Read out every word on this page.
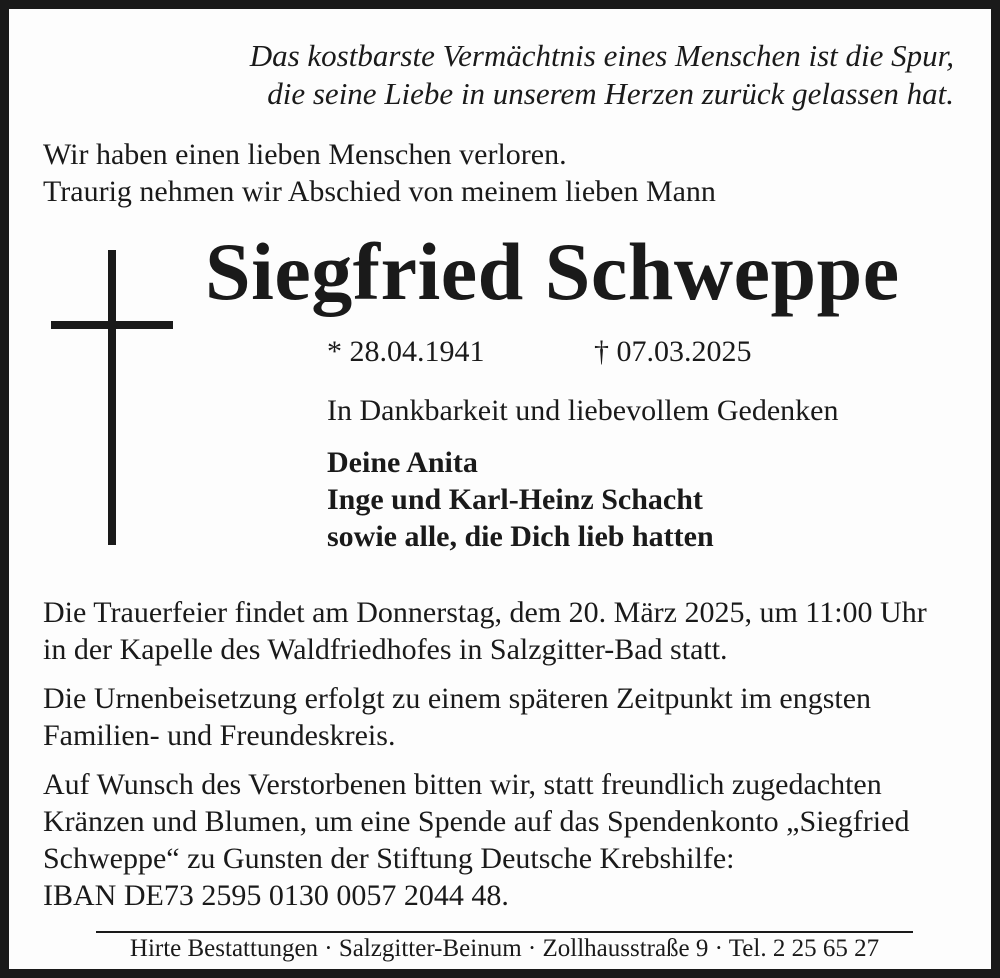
Das kostbarste Vermächtnis eines Menschen ist die Spur,
die seine Liebe in unserem Herzen zurück gelassen hat.
Wir haben einen lieben Menschen verloren.
Traurig nehmen wir Abschied von meinem lieben Mann
Siegfried Schweppe
* 28.04.1941	† 07.03.2025
In Dankbarkeit und liebevollem Gedenken
Deine Anita
Inge und Karl-Heinz Schacht
sowie alle, die Dich lieb hatten
Die Trauerfeier findet am Donnerstag, dem 20. März 2025, um 11:00 Uhr
in der Kapelle des Waldfriedhofes in Salzgitter-Bad statt.
Die Urnenbeisetzung erfolgt zu einem späteren Zeitpunkt im engsten
Familien- und Freundeskreis.
Auf Wunsch des Verstorbenen bitten wir, statt freundlich zugedachten
Kränzen und Blumen, um eine Spende auf das Spendenkonto „Siegfried
Schweppe“ zu Gunsten der Stiftung Deutsche Krebshilfe:
IBAN DE73 2595 0130 0057 2044 48.
Hirte Bestattungen · Salzgitter-Beinum · Zollhausstraße 9 · Tel. 2 25 65 27
